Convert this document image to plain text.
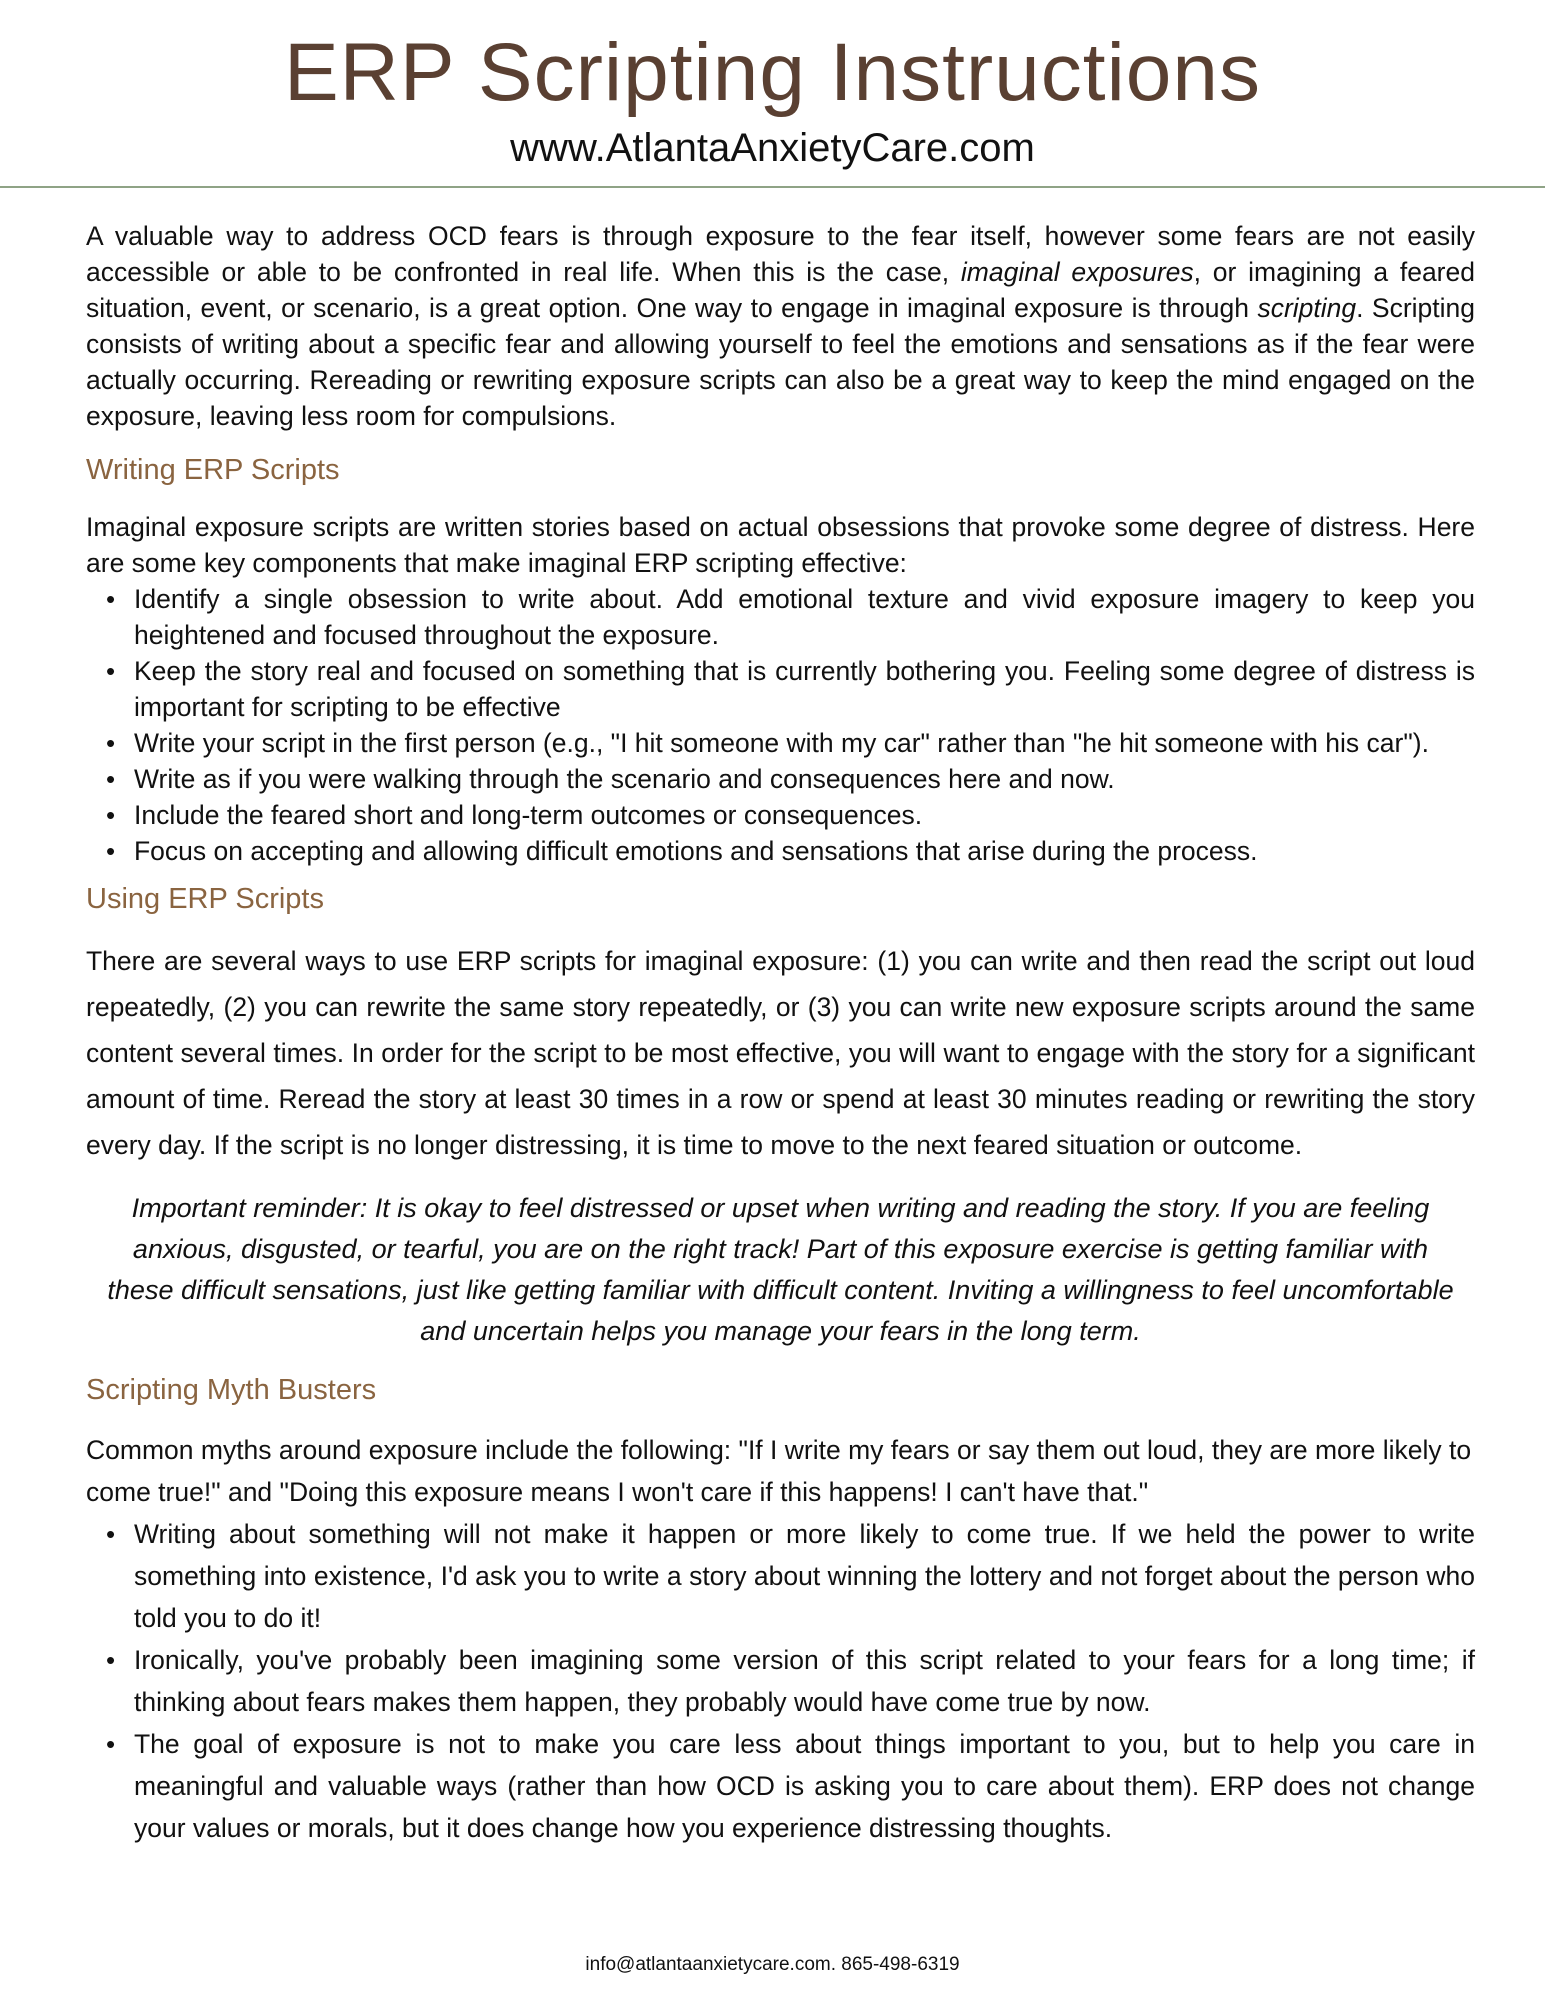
ERP Scripting Instructions
www.AtlantaAnxietyCare.com

A valuable way to address OCD fears is through exposure to the fear itself, however some fears are not easily accessible or able to be confronted in real life. When this is the case, imaginal exposures, or imagining a feared situation, event, or scenario, is a great option. One way to engage in imaginal exposure is through scripting. Scripting consists of writing about a specific fear and allowing yourself to feel the emotions and sensations as if the fear were actually occurring. Rereading or rewriting exposure scripts can also be a great way to keep the mind engaged on the exposure, leaving less room for compulsions.

Writing ERP Scripts

Imaginal exposure scripts are written stories based on actual obsessions that provoke some degree of distress. Here are some key components that make imaginal ERP scripting effective:

• Identify a single obsession to write about. Add emotional texture and vivid exposure imagery to keep you heightened and focused throughout the exposure.
• Keep the story real and focused on something that is currently bothering you. Feeling some degree of distress is important for scripting to be effective
• Write your script in the first person (e.g., "I hit someone with my car" rather than "he hit someone with his car").
• Write as if you were walking through the scenario and consequences here and now.
• Include the feared short and long-term outcomes or consequences.
• Focus on accepting and allowing difficult emotions and sensations that arise during the process.
Using ERP Scripts

There are several ways to use ERP scripts for imaginal exposure: (1) you can write and then read the script out loud repeatedly, (2) you can rewrite the same story repeatedly, or (3) you can write new exposure scripts around the same content several times. In order for the script to be most effective, you will want to engage with the story for a significant amount of time. Reread the story at least 30 times in a row or spend at least 30 minutes reading or rewriting the story every day. If the script is no longer distressing, it is time to move to the next feared situation or outcome.

Important reminder: It is okay to feel distressed or upset when writing and reading the story. If you are feeling anxious, disgusted, or tearful, you are on the right track! Part of this exposure exercise is getting familiar with these difficult sensations, just like getting familiar with difficult content. Inviting a willingness to feel uncomfortable and uncertain helps you manage your fears in the long term.

Scripting Myth Busters

Common myths around exposure include the following: "If I write my fears or say them out loud, they are more likely to come true!" and "Doing this exposure means I won't care if this happens! I can't have that."

• Writing about something will not make it happen or more likely to come true. If we held the power to write something into existence, I'd ask you to write a story about winning the lottery and not forget about the person who told you to do it!
• Ironically, you've probably been imagining some version of this script related to your fears for a long time; if thinking about fears makes them happen, they probably would have come true by now.
• The goal of exposure is not to make you care less about things important to you, but to help you care in meaningful and valuable ways (rather than how OCD is asking you to care about them). ERP does not change your values or morals, but it does change how you experience distressing thoughts.
info@atlantaanxietycare.com. 865-498-6319
